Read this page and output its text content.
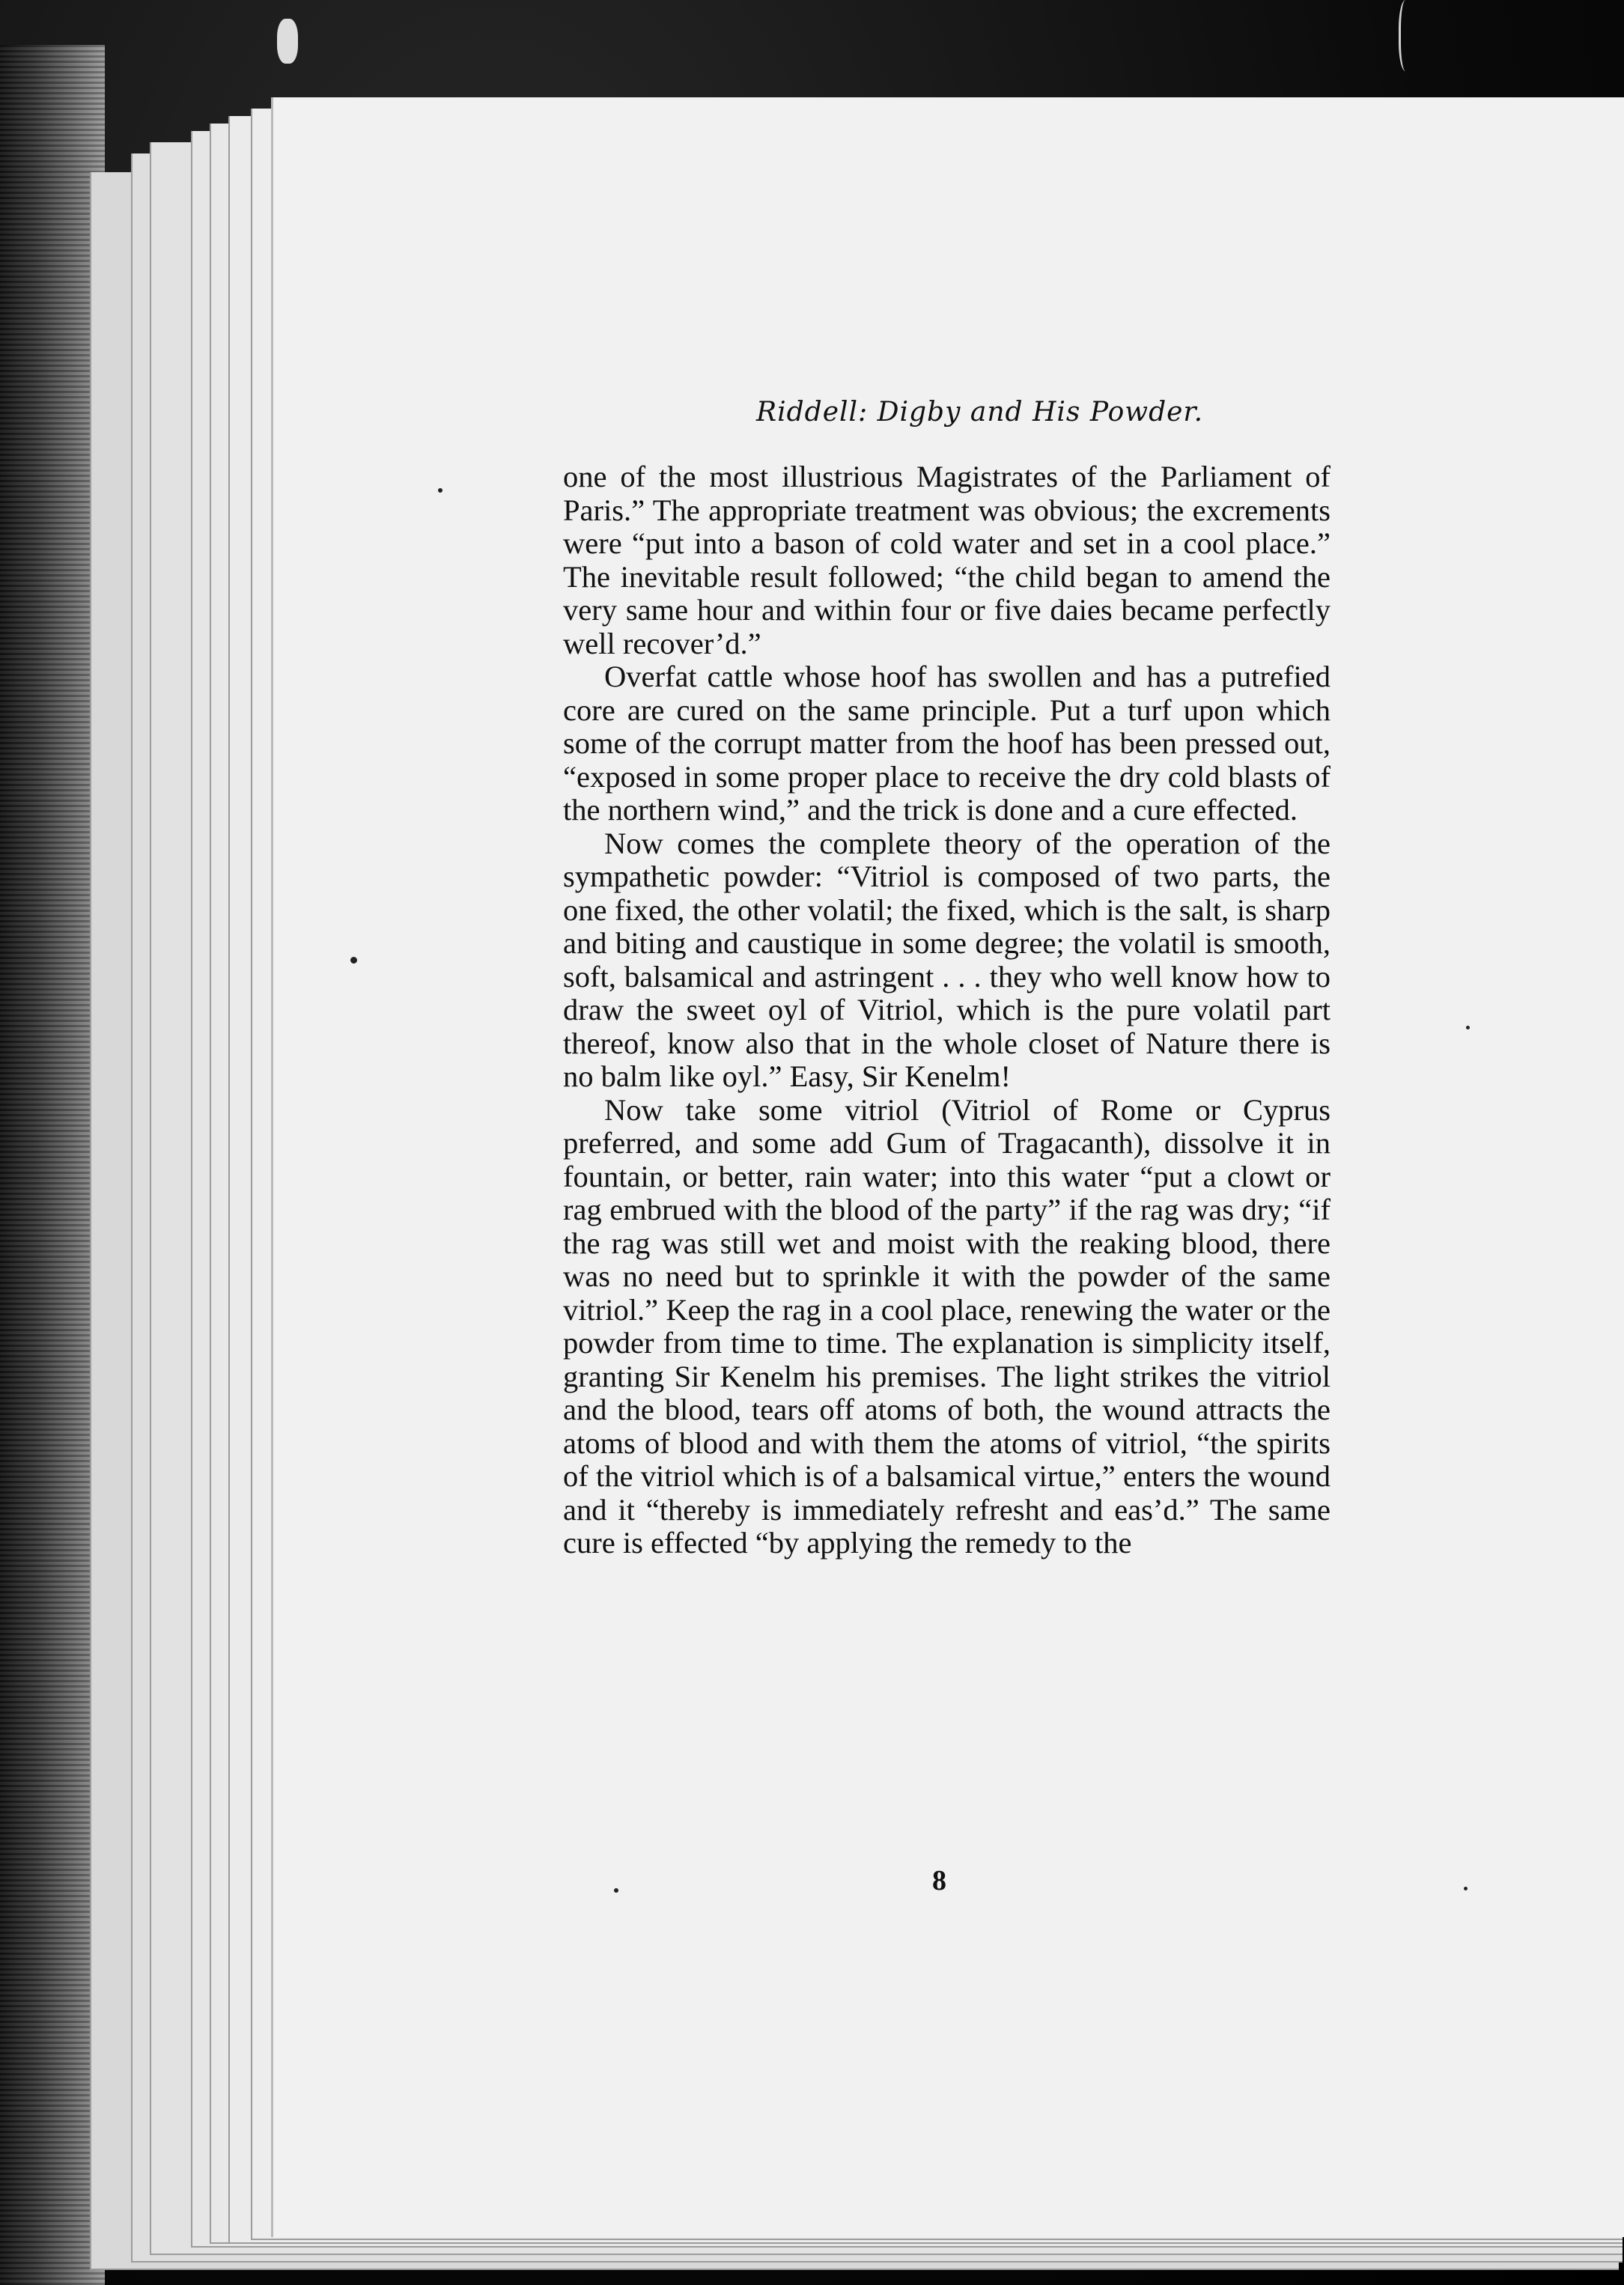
Riddell: Digby and His Powder.

one of the most illustrious Magistrates of the Parliament of Paris.” The appropriate treatment was obvious; the excrements were “put into a bason of cold water and set in a cool place.” The inevitable result followed; “the child began to amend the very same hour and within four or five daies became perfectly well recover’d.”

Overfat cattle whose hoof has swollen and has a putrefied core are cured on the same principle. Put a turf upon which some of the corrupt matter from the hoof has been pressed out, “exposed in some proper place to receive the dry cold blasts of the northern wind,” and the trick is done and a cure effected.

Now comes the complete theory of the operation of the sympathetic powder: “Vitriol is composed of two parts, the one fixed, the other volatil; the fixed, which is the salt, is sharp and biting and caustique in some degree; the volatil is smooth, soft, balsamical and astringent . . . they who well know how to draw the sweet oyl of Vitriol, which is the pure volatil part thereof, know also that in the whole closet of Nature there is no balm like oyl.” Easy, Sir Kenelm!

Now take some vitriol (Vitriol of Rome or Cyprus preferred, and some add Gum of Tragacanth), dissolve it in fountain, or better, rain water; into this water “put a clowt or rag embrued with the blood of the party” if the rag was dry; “if the rag was still wet and moist with the reaking blood, there was no need but to sprinkle it with the powder of the same vitriol.” Keep the rag in a cool place, renewing the water or the powder from time to time. The explanation is simplicity itself, granting Sir Kenelm his premises. The light strikes the vitriol and the blood, tears off atoms of both, the wound attracts the atoms of blood and with them the atoms of vitriol, “the spirits of the vitriol which is of a balsamical virtue,” enters the wound and it “thereby is immediately refresht and eas’d.” The same cure is effected “by applying the remedy to the

8
